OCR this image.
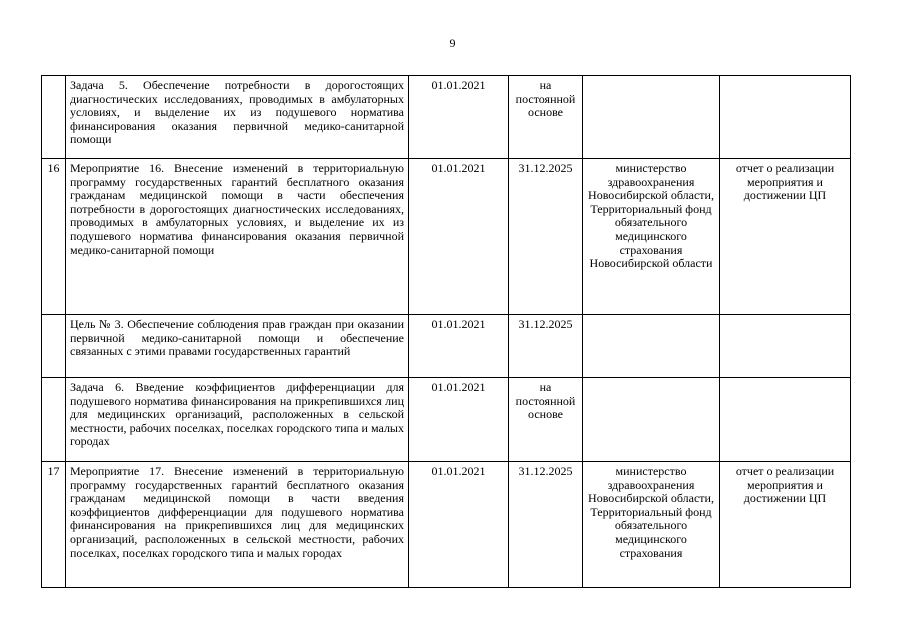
9
	Задача 5. Обеспечение потребности в дорогостоящих диагностических исследованиях, проводимых в амбулаторных условиях, и выделение их из подушевого норматива финансирования оказания первичной медико-санитарной помощи	01.01.2021	на постоянной основе		
16	Мероприятие 16. Внесение изменений в территориальную программу государственных гарантий бесплатного оказания гражданам медицинской помощи в части обеспечения потребности в дорогостоящих диагностических исследованиях, проводимых в амбулаторных условиях, и выделение их из подушевого норматива финансирования оказания первичной медико-санитарной помощи	01.01.2021	31.12.2025	министерство здравоохранения Новосибирской области, Территориальный фонд обязательного медицинского страхования Новосибирской области	отчет о реализации мероприятия и достижении ЦП
	Цель № 3. Обеспечение соблюдения прав граждан при оказании первичной медико-санитарной помощи и обеспечение связанных с этими правами государственных гарантий	01.01.2021	31.12.2025		
	Задача 6. Введение коэффициентов дифференциации для подушевого норматива финансирования на прикрепившихся лиц для медицинских организаций, расположенных в сельской местности, рабочих поселках, поселках городского типа и малых городах	01.01.2021	на постоянной основе		
17	Мероприятие 17. Внесение изменений в территориальную программу государственных гарантий бесплатного оказания гражданам медицинской помощи в части введения коэффициентов дифференциации для подушевого норматива финансирования на прикрепившихся лиц для медицинских организаций, расположенных в сельской местности, рабочих поселках, поселках городского типа и малых городах	01.01.2021	31.12.2025	министерство здравоохранения Новосибирской области, Территориальный фонд обязательного медицинского страхования	отчет о реализации мероприятия и достижении ЦП
